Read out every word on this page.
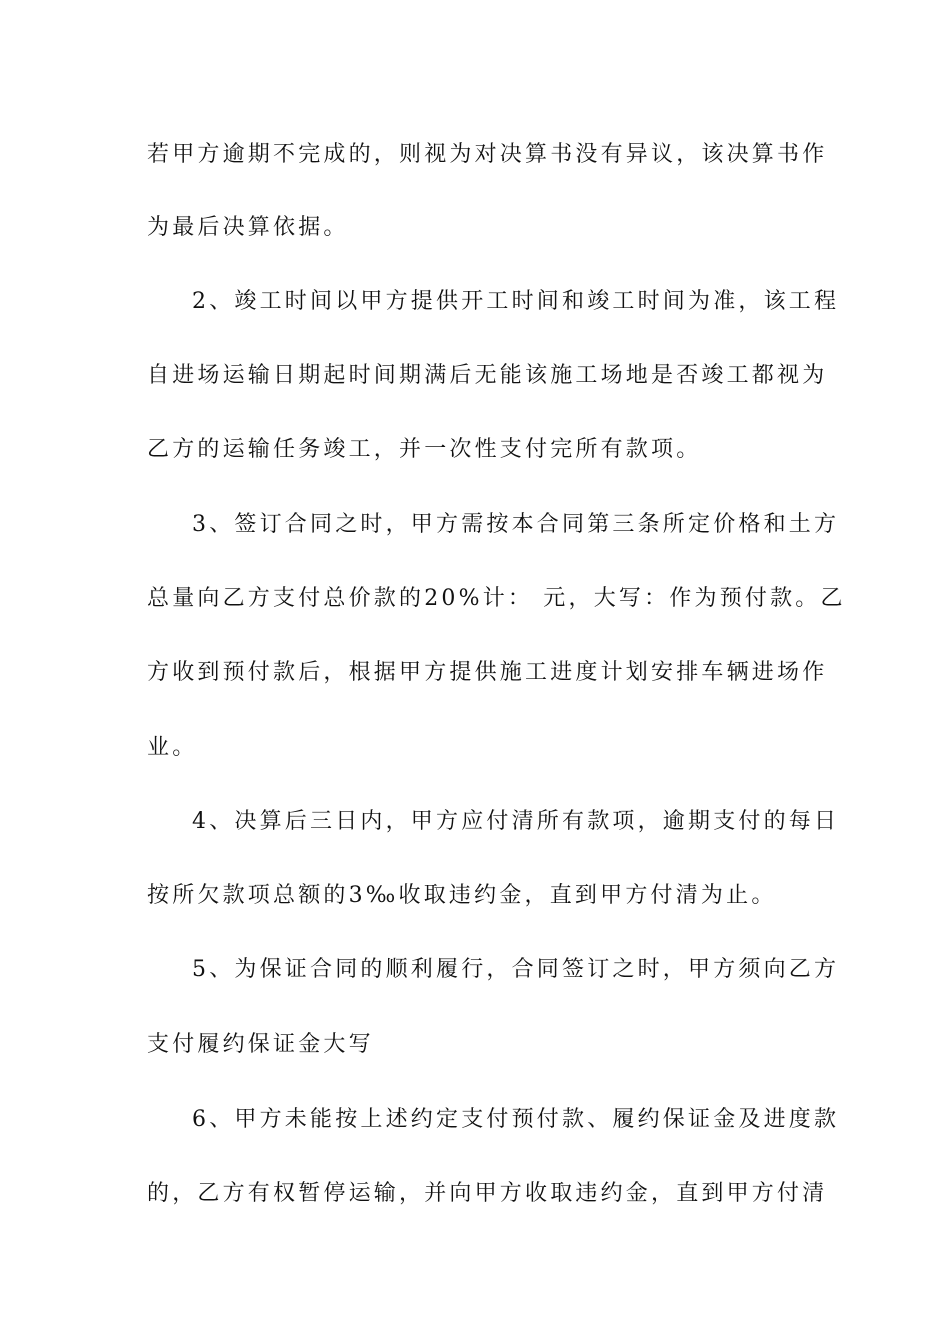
若甲方逾期不完成的，则视为对决算书没有异议，该决算书作
为最后决算依据。
2、竣工时间以甲方提供开工时间和竣工时间为准，该工程
自进场运输日期起时间期满后无能该施工场地是否竣工都视为
乙方的运输任务竣工，并一次性支付完所有款项。
3、签订合同之时，甲方需按本合同第三条所定价格和土方
总量向乙方支付总价款的20%计： 元，大写：作为预付款。乙
方收到预付款后，根据甲方提供施工进度计划安排车辆进场作
业。
4、决算后三日内，甲方应付清所有款项，逾期支付的每日
按所欠款项总额的3‰收取违约金，直到甲方付清为止。
5、为保证合同的顺利履行，合同签订之时，甲方须向乙方
支付履约保证金大写
6、甲方未能按上述约定支付预付款、履约保证金及进度款
的，乙方有权暂停运输，并向甲方收取违约金，直到甲方付清
